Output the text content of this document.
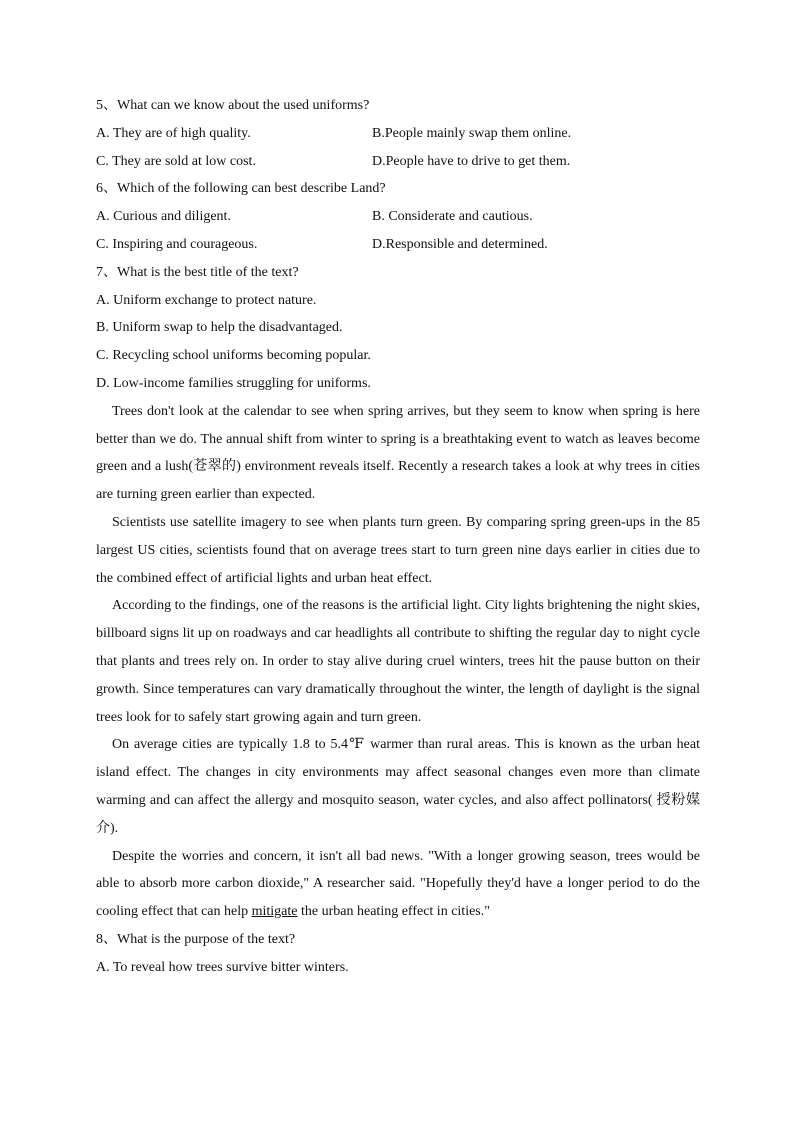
5、What can we know about the used uniforms?
A. They are of high quality.	B.People mainly swap them online.
C. They are sold at low cost.	D.People have to drive to get them.
6、Which of the following can best describe Land?
A. Curious and diligent.	B. Considerate and cautious.
C. Inspiring and courageous.	D.Responsible and determined.
7、What is the best title of the text?
A. Uniform exchange to protect nature.
B. Uniform swap to help the disadvantaged.
C. Recycling school uniforms becoming popular.
D. Low-income families struggling for uniforms.

Trees don't look at the calendar to see when spring arrives, but they seem to know when spring is here better than we do. The annual shift from winter to spring is a breathtaking event to watch as leaves become green and a lush(苍翠的) environment reveals itself. Recently a research takes a look at why trees in cities are turning green earlier than expected.

Scientists use satellite imagery to see when plants turn green. By comparing spring green-ups in the 85 largest US cities, scientists found that on average trees start to turn green nine days earlier in cities due to the combined effect of artificial lights and urban heat effect.

According to the findings, one of the reasons is the artificial light. City lights brightening the night skies, billboard signs lit up on roadways and car headlights all contribute to shifting the regular day to night cycle that plants and trees rely on. In order to stay alive during cruel winters, trees hit the pause button on their growth. Since temperatures can vary dramatically throughout the winter, the length of daylight is the signal trees look for to safely start growing again and turn green.

On average cities are typically 1.8 to 5.4℉ warmer than rural areas. This is known as the urban heat island effect. The changes in city environments may affect seasonal changes even more than climate warming and can affect the allergy and mosquito season, water cycles, and also affect pollinators( 授粉媒介).

Despite the worries and concern, it isn't all bad news. "With a longer growing season, trees would be able to absorb more carbon dioxide," A researcher said. "Hopefully they'd have a longer period to do the cooling effect that can help mitigate the urban heating effect in cities."

8、What is the purpose of the text?
A. To reveal how trees survive bitter winters.
